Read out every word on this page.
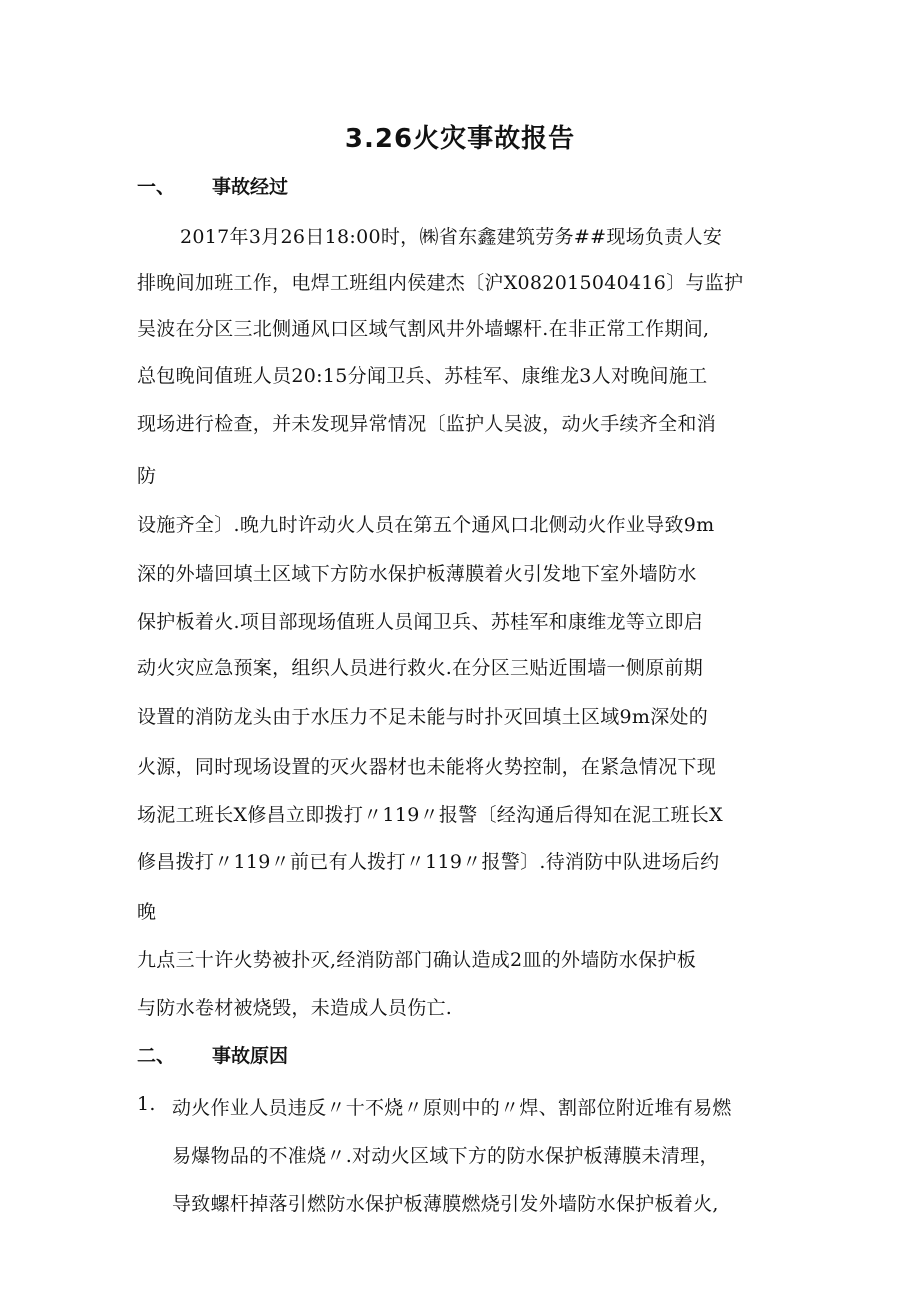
3.26火灾事故报告
一、 事故经过
2017年3月26日18:00时，㈱省东鑫建筑劳务##现场负责人安
排晚间加班工作，电焊工班组内侯建杰〔沪X082015040416〕与监护
吴波在分区三北侧通风口区域气割风井外墙螺杆.在非正常工作期间,
总包晚间值班人员20:15分闻卫兵、苏桂军、康维龙3人对晚间施工
现场进行检查，并未发现异常情况〔监护人吴波，动火手续齐全和消
防
设施齐全〕.晚九时许动火人员在第五个通风口北侧动火作业导致9m
深的外墙回填土区域下方防水保护板薄膜着火引发地下室外墙防水
保护板着火.项目部现场值班人员闻卫兵、苏桂军和康维龙等立即启
动火灾应急预案，组织人员进行救火.在分区三贴近围墙一侧原前期
设置的消防龙头由于水压力不足未能与时扑灭回填土区域9m深处的
火源，同时现场设置的灭火器材也未能将火势控制，在紧急情况下现
场泥工班长X修昌立即拨打〃119〃报警〔经沟通后得知在泥工班长X
修昌拨打〃119〃前已有人拨打〃119〃报警〕.待消防中队进场后约
晚
九点三十许火势被扑灭,经消防部门确认造成2皿的外墙防水保护板
与防水卷材被烧毁，未造成人员伤亡.
二、 事故原因
1. 动火作业人员违反〃十不烧〃原则中的〃焊、割部位附近堆有易燃
易爆物品的不准烧〃.对动火区域下方的防水保护板薄膜未清理，
导致螺杆掉落引燃防水保护板薄膜燃烧引发外墙防水保护板着火,
